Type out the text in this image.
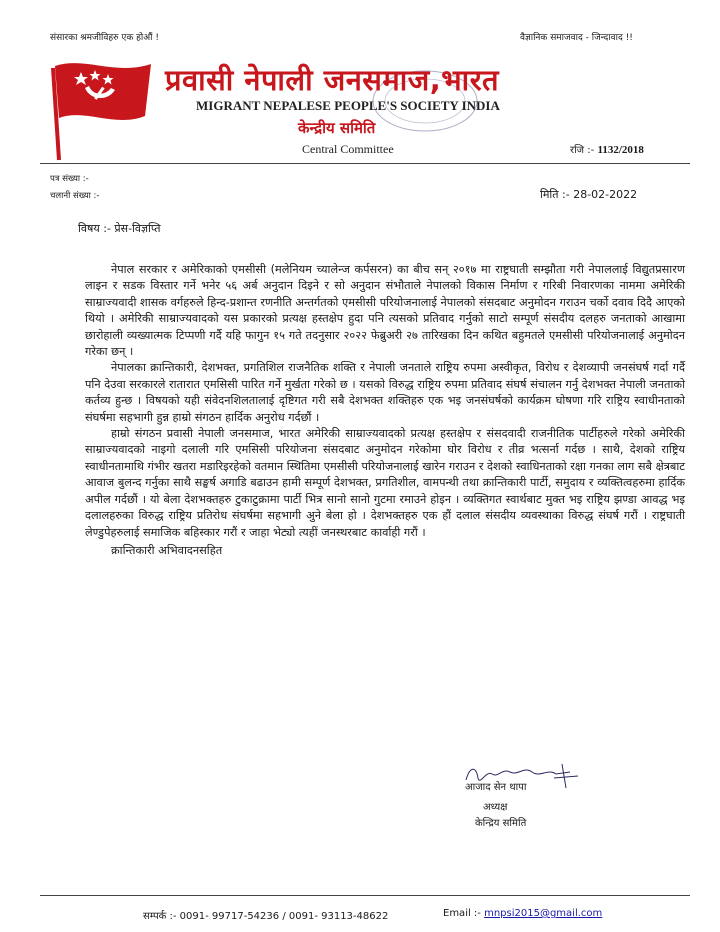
संसारका श्रमजीविहरु एक होऔं !	वैज्ञानिक समाजवाद - जिन्दावाद !!
प्रवासी नेपाली जनसमाज,भारत
MIGRANT NEPALESE PEOPLE'S SOCIETY INDIA
केन्द्रीय समिति
Central Committee	रजि :- 1132/2018
पत्र संख्या :-
चलानी संख्या :-	मिति :- 28-02-2022
विषय :- प्रेस-विज्ञप्ति

नेपाल सरकार र अमेरिकाको एमसीसी (मलेनियम च्यालेन्ज कर्पसरन) का बीच सन् २०१७ मा राष्ट्रघाती सम्झौता गरी नेपाललाई विद्युतप्रसारण लाइन र सडक विस्तार गर्ने भनेर ५६ अर्ब अनुदान दिइने र सो अनुदान संभौताले नेपालको विकास निर्माण र गरिबी निवारणका नाममा अमेरिकी साम्राज्यवादी शासक वर्गहरुले हिन्द-प्रशान्त रणनीति अन्तर्गतको एमसीसी परियोजनालाई नेपालको संसदबाट अनुमोदन गराउन चर्को दवाव दिदै आएको थियो । अमेरिकी साम्राज्यवादको यस प्रकारको प्रत्यक्ष हस्तक्षेप हुदा पनि त्यसको प्रतिवाद गर्नुको साटो सम्पूर्ण संसदीय दलहरु जनताको आखामा छारोहाली व्यख्यात्मक टिप्पणी गर्दै यहि फागुन १५ गते तदनुसार २०२२ फेब्रुअरी २७ तारिखका दिन कथित बहुमतले एमसीसी परियोजनालाई अनुमोदन गरेका छन् ।

नेपालका क्रान्तिकारी, देशभक्त, प्रगतिशिल राजनैतिक शक्ति र नेपाली जनताले राष्ट्रिय रुपमा अस्वीकृत, विरोध र देशव्यापी जनसंघर्ष गर्दा गर्दै पनि देउवा सरकारले रातारात एमसिसी पारित गर्ने मुर्खता गरेको छ । यसको विरुद्ध राष्ट्रिय रुपमा प्रतिवाद संघर्ष संचालन गर्नु देशभक्त नेपाली जनताको कर्तव्य हुन्छ । विषयको यही संवेदनशिलतालाई दृष्टिगत गरी सबै देशभक्त शक्तिहरु एक भइ जनसंघर्षको कार्यक्रम घोषणा गरि राष्ट्रिय स्वाधीनताको संघर्षमा सहभागी हुन्न हाम्रो संगठन हार्दिक अनुरोध गर्दछौं ।

हाम्रो संगठन प्रवासी नेपाली जनसमाज, भारत अमेरिकी साम्राज्यवादको प्रत्यक्ष हस्तक्षेप र संसदवादी राजनीतिक पार्टीहरुले गरेको अमेरिकी साम्राज्यवादको नाइगो दलाली गरि एमसिसी परियोजना संसदबाट अनुमोदन गरेकोमा घोर विरोध र तीव्र भत्सर्ना गर्दछ । साथै, देशको राष्ट्रिय स्वाधीनतामाथि गंभीर खतरा मडारिइरहेको वतमान स्थितिमा एमसीसी परियोजनालाई खारेन गराउन र देशको स्वाधिनताको रक्षा गनका लाग सबै क्षेत्रबाट आवाज बुलन्द गर्नुका साथै सङ्घर्ष अगाडि बढाउन हामी सम्पूर्ण देशभक्त, प्रगतिशील, वामपन्थी तथा क्रान्तिकारी पार्टी, समुदाय र व्यक्तित्वहरुमा हार्दिक अपील गर्दछौं । यो बेला देशभक्तहरु टुकाटुक्रामा पार्टी भित्र सानो सानो गुटमा रमाउने होइन । व्यक्तिगत स्वार्थबाट मुक्त भइ राष्ट्रिय झण्डा आवद्ध भइ दलालहरुका विरुद्ध राष्ट्रिय प्रतिरोध संघर्षमा सहभागी अुने बेला हो । देशभक्तहरु एक हौं दलाल संसदीय व्यवस्थाका विरुद्ध संघर्ष गरौं । राष्ट्रघाती लेण्डुपेहरुलाई समाजिक बहिस्कार गरौं र जाहा भेट्यो त्यहीं जनस्थरबाट कार्वाही गरौं ।

क्रान्तिकारी अभिवादनसहित
आजाद सेन थापा
अध्यक्ष
केन्द्रिय समिति
सम्पर्क :- 0091- 99717-54236 / 0091- 93113-48622	Email :- mnpsi2015@gmail.com
